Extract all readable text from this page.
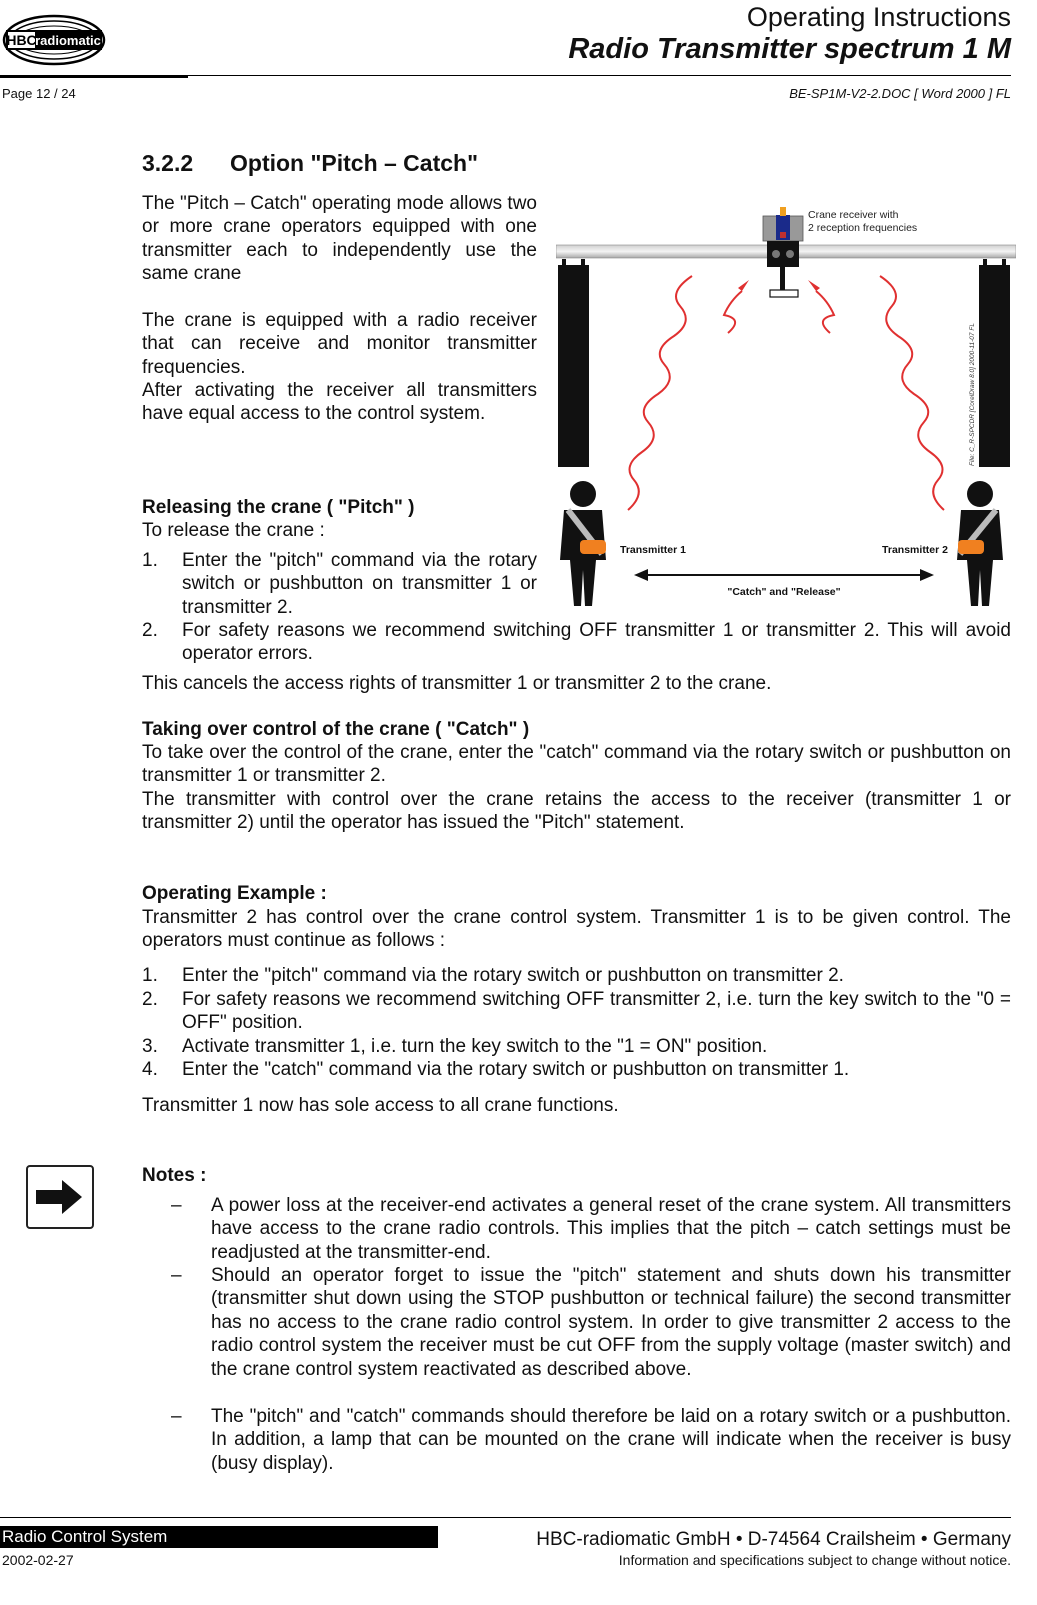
HBC
radiomatic
Operating Instructions
Radio Transmitter spectrum 1 M
Page 12 / 24	BE-SP1M-V2-2.DOC [ Word 2000 ] FL
3.2.2 Option "Pitch – Catch"
The "Pitch – Catch" operating mode allows two or more crane operators equipped with one transmitter each to independently use the same crane
The crane is equipped with a radio receiver that can receive and monitor transmitter frequencies.
After activating the receiver all transmitters have equal access to the control system.
Crane receiver with
2 reception frequencies
File: C_R-SPCDR [CorelDraw 8.0] 2000-11-07 FL
Transmitter 1	Transmitter 2
"Catch" and "Release"
Releasing the crane ( "Pitch" )
To release the crane :
1. Enter the "pitch" command via the rotary switch or pushbutton on transmitter 1 or transmitter 2.
2. For safety reasons we recommend switching OFF transmitter 1 or transmitter 2. This will avoid operator errors.
This cancels the access rights of transmitter 1 or transmitter 2 to the crane.
Taking over control of the crane ( "Catch" )
To take over the control of the crane, enter the "catch" command via the rotary switch or pushbutton on transmitter 1 or transmitter 2.
The transmitter with control over the crane retains the access to the receiver (transmitter 1 or transmitter 2) until the operator has issued the "Pitch" statement.
Operating Example :
Transmitter 2 has control over the crane control system. Transmitter 1 is to be given control. The operators must continue as follows :
1. Enter the "pitch" command via the rotary switch or pushbutton on transmitter 2.
2. For safety reasons we recommend switching OFF transmitter 2, i.e. turn the key switch to the "0 = OFF" position.
3. Activate transmitter 1, i.e. turn the key switch to the "1 = ON" position.
4. Enter the "catch" command via the rotary switch or pushbutton on transmitter 1.
Transmitter 1 now has sole access to all crane functions.
Notes :
– A power loss at the receiver-end activates a general reset of the crane system. All transmitters have access to the crane radio controls. This implies that the pitch – catch settings must be readjusted at the transmitter-end.
– Should an operator forget to issue the "pitch" statement and shuts down his transmitter (transmitter shut down using the STOP pushbutton or technical failure) the second transmitter has no access to the crane radio control system. In order to give transmitter 2 access to the radio control system the receiver must be cut OFF from the supply voltage (master switch) and the crane control system reactivated as described above.
– The "pitch" and "catch" commands should therefore be laid on a rotary switch or a pushbutton. In addition, a lamp that can be mounted on the crane will indicate when the receiver is busy (busy display).
Radio Control System	HBC-radiomatic GmbH • D-74564 Crailsheim • Germany
2002-02-27	Information and specifications subject to change without notice.
